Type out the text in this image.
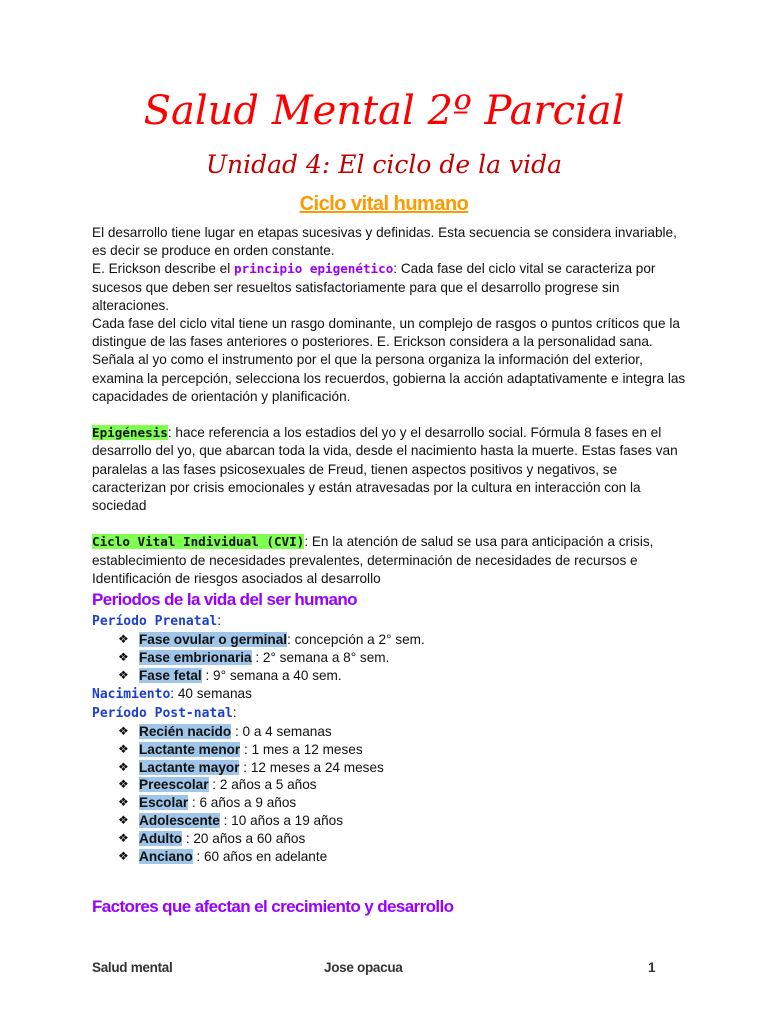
Salud Mental 2º Parcial
Unidad 4: El ciclo de la vida
Ciclo vital humano

El desarrollo tiene lugar en etapas sucesivas y definidas. Esta secuencia se considera invariable, es decir se produce en orden constante.

E. Erickson describe el principio epigenético: Cada fase del ciclo vital se caracteriza por sucesos que deben ser resueltos satisfactoriamente para que el desarrollo progrese sin alteraciones.

Cada fase del ciclo vital tiene un rasgo dominante, un complejo de rasgos o puntos críticos que la distingue de las fases anteriores o posteriores. E. Erickson considera a la personalidad sana. Señala al yo como el instrumento por el que la persona organiza la información del exterior, examina la percepción, selecciona los recuerdos, gobierna la acción adaptativamente e integra las capacidades de orientación y planificación.

Epigénesis: hace referencia a los estadios del yo y el desarrollo social. Fórmula 8 fases en el desarrollo del yo, que abarcan toda la vida, desde el nacimiento hasta la muerte. Estas fases van paralelas a las fases psicosexuales de Freud, tienen aspectos positivos y negativos, se caracterizan por crisis emocionales y están atravesadas por la cultura en interacción con la sociedad

Ciclo Vital Individual (CVI): En la atención de salud se usa para anticipación a crisis, establecimiento de necesidades prevalentes, determinación de necesidades de recursos e Identificación de riesgos asociados al desarrollo

Periodos de la vida del ser humano

Período Prenatal:

❖ Fase ovular o germinal: concepción a 2° sem.
❖ Fase embrionaria : 2° semana a 8° sem.
❖ Fase fetal : 9° semana a 40 sem.

Nacimiento: 40 semanas

Período Post-natal:

❖ Recién nacido : 0 a 4 semanas
❖ Lactante menor : 1 mes a 12 meses
❖ Lactante mayor : 12 meses a 24 meses
❖ Preescolar : 2 años a 5 años
❖ Escolar : 6 años a 9 años
❖ Adolescente : 10 años a 19 años
❖ Adulto : 20 años a 60 años
❖ Anciano : 60 años en adelante

Factores que afectan el crecimiento y desarrollo

Salud mental	Jose opacua	1
